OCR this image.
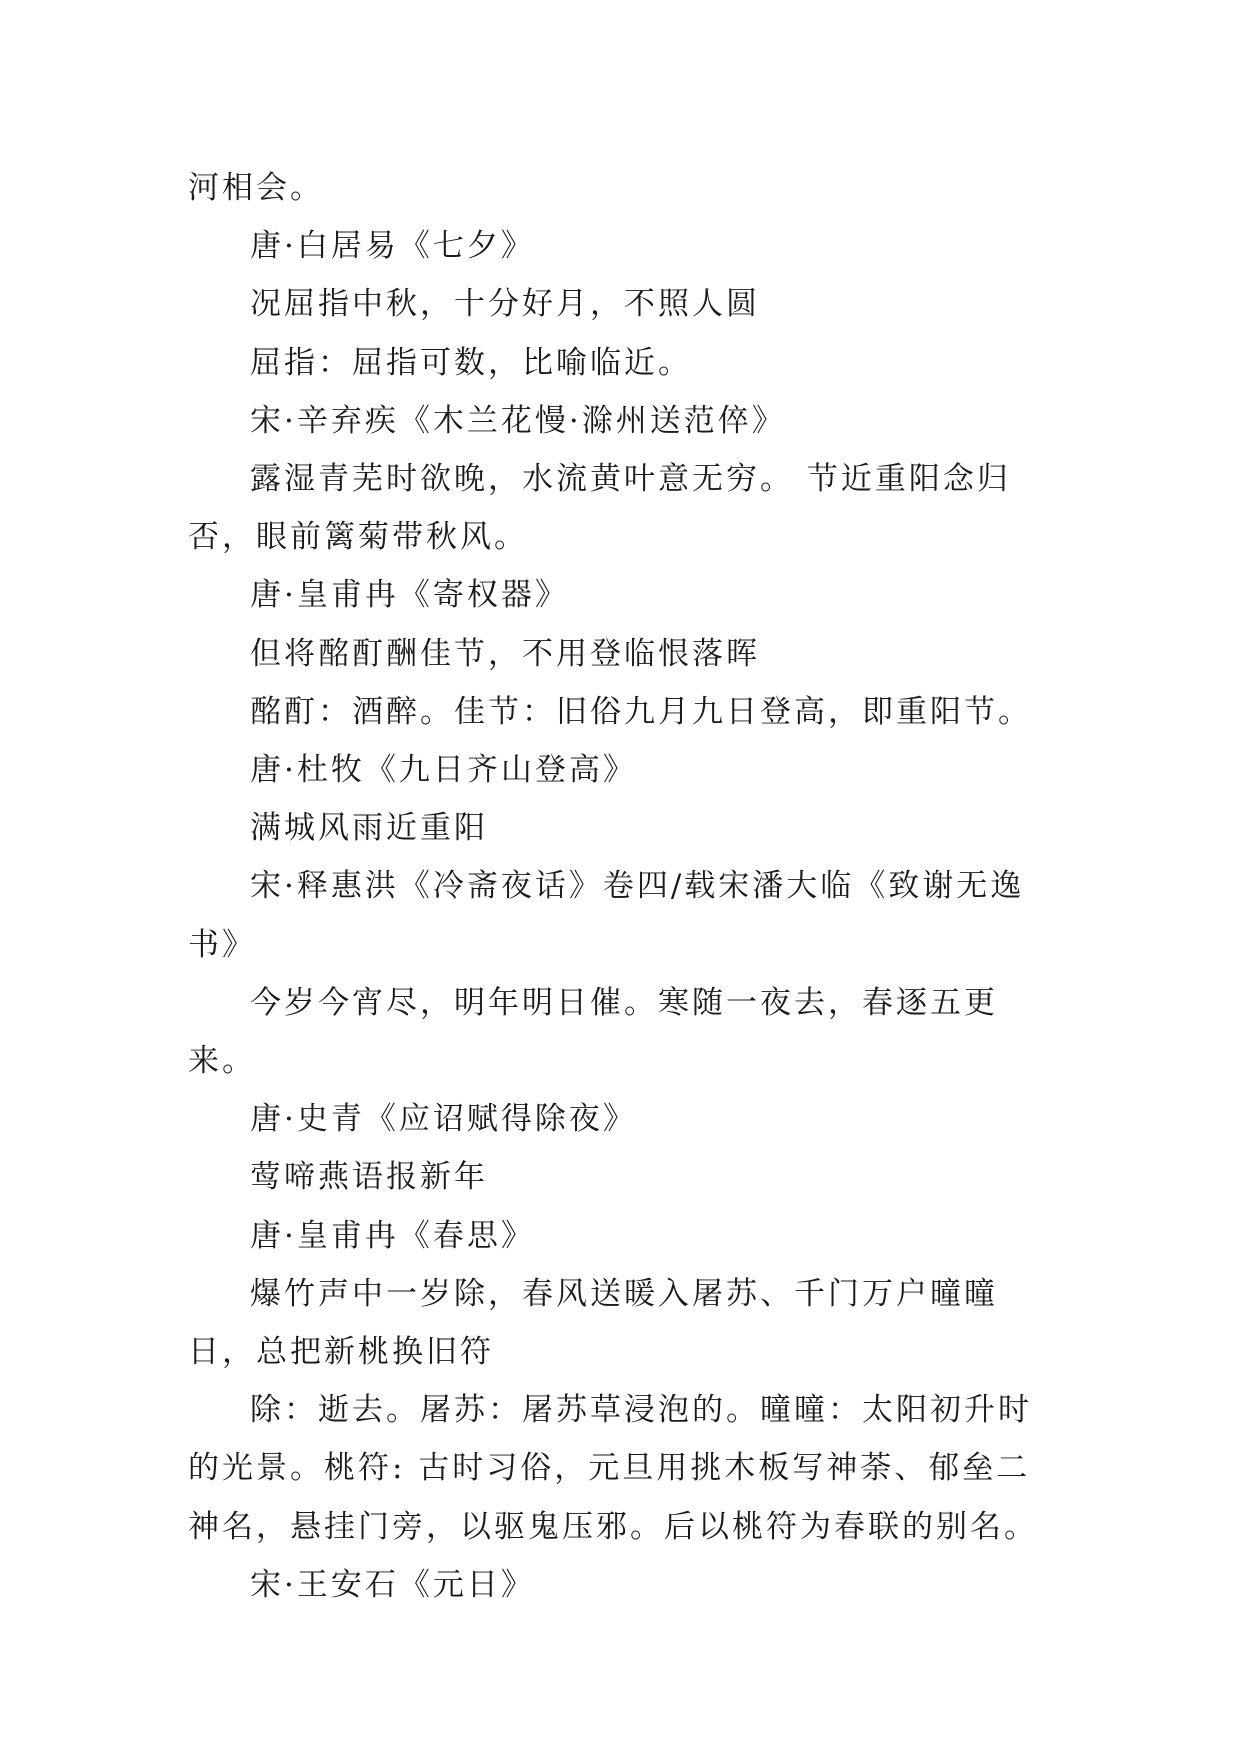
河相会。

唐·白居易《七夕》

况屈指中秋，十分好月，不照人圆

屈指：屈指可数，比喻临近。

宋·辛弃疾《木兰花慢·滁州送范倅》

露湿青芜时欲晚，水流黄叶意无穷。 节近重阳念归否，眼前篱菊带秋风。

唐·皇甫冉《寄权器》

但将酩酊酬佳节，不用登临恨落晖

酩酊：酒醉。佳节：旧俗九月九日登高，即重阳节。

唐·杜牧《九日齐山登高》

满城风雨近重阳

宋·释惠洪《冷斋夜话》卷四/载宋潘大临《致谢无逸书》

今岁今宵尽，明年明日催。寒随一夜去，春逐五更来。

唐·史青《应诏赋得除夜》

莺啼燕语报新年

唐·皇甫冉《春思》

爆竹声中一岁除，春风送暖入屠苏、千门万户曈曈日，总把新桃换旧符

除：逝去。屠苏：屠苏草浸泡的。曈曈：太阳初升时的光景。桃符: 古时习俗，元旦用挑木板写神荼、郁垒二神名，悬挂门旁，以驱鬼压邪。后以桃符为春联的别名。

宋·王安石《元日》
